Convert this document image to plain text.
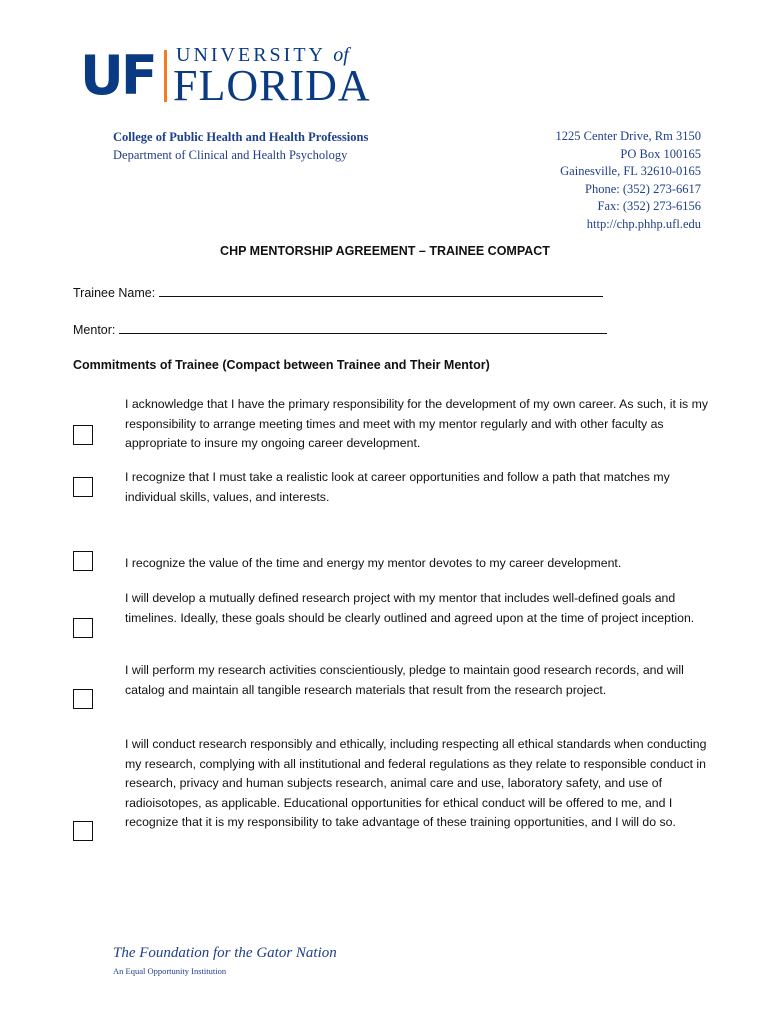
UF UNIVERSITY of
FLORIDA
College of Public Health and Health Professions
Department of Clinical and Health Psychology
1225 Center Drive, Rm 3150
PO Box 100165
Gainesville, FL 32610-0165
Phone: (352) 273-6617
Fax: (352) 273-6156
http://chp.phhp.ufl.edu
CHP MENTORSHIP AGREEMENT – TRAINEE COMPACT
Trainee Name:
Mentor:
Commitments of Trainee (Compact between Trainee and Their Mentor)
I acknowledge that I have the primary responsibility for the development of my own career. As such, it is my responsibility to arrange meeting times and meet with my mentor regularly and with other faculty as appropriate to insure my ongoing career development.
I recognize that I must take a realistic look at career opportunities and follow a path that matches my individual skills, values, and interests.
I recognize the value of the time and energy my mentor devotes to my career development.
I will develop a mutually defined research project with my mentor that includes well-defined goals and timelines. Ideally, these goals should be clearly outlined and agreed upon at the time of project inception.
I will perform my research activities conscientiously, pledge to maintain good research records, and will catalog and maintain all tangible research materials that result from the research project.
I will conduct research responsibly and ethically, including respecting all ethical standards when conducting my research, complying with all institutional and federal regulations as they relate to responsible conduct in research, privacy and human subjects research, animal care and use, laboratory safety, and use of radioisotopes, as applicable. Educational opportunities for ethical conduct will be offered to me, and I recognize that it is my responsibility to take advantage of these training opportunities, and I will do so.
The Foundation for the Gator Nation
An Equal Opportunity Institution
